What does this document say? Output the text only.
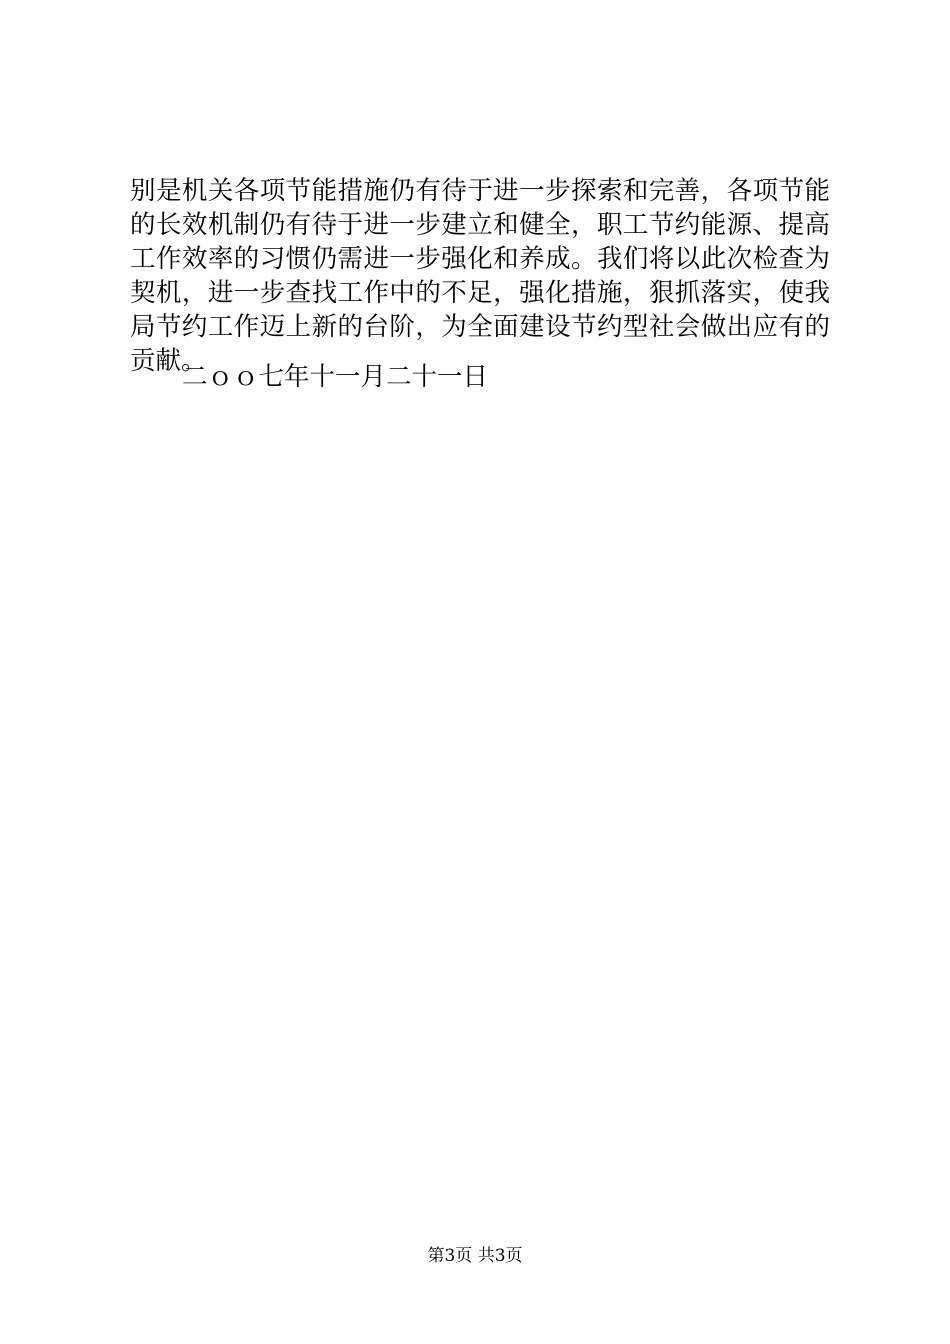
别是机关各项节能措施仍有待于进一步探索和完善，各项节能
的长效机制仍有待于进一步建立和健全，职工节约能源、提高
工作效率的习惯仍需进一步强化和养成。我们将以此次检查为
契机，进一步查找工作中的不足，强化措施，狠抓落实，使我
局节约工作迈上新的台阶，为全面建设节约型社会做出应有的
贡献。
二ｏｏ七年十一月二十一日
第3页 共3页
